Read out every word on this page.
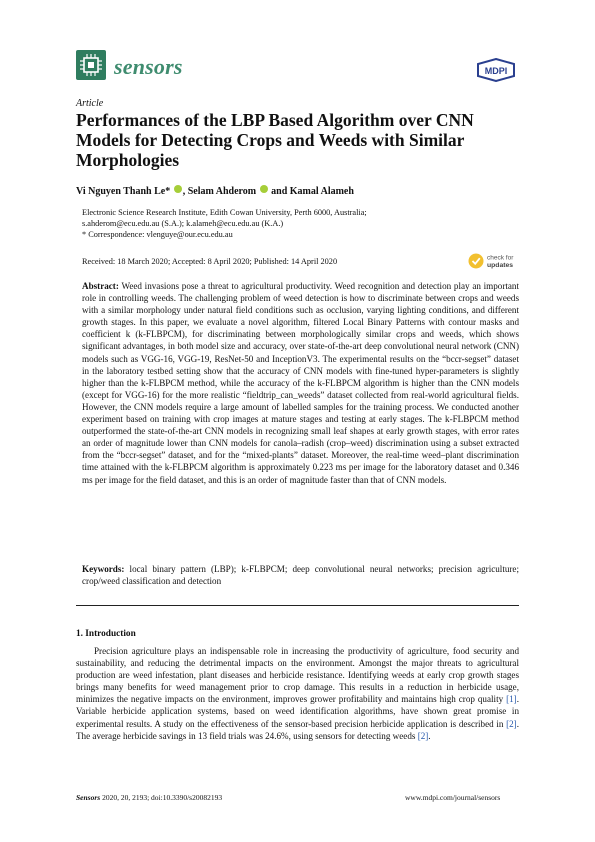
sensors	MDPI
Article
Performances of the LBP Based Algorithm over CNN Models for Detecting Crops and Weeds with Similar Morphologies
Vi Nguyen Thanh Le* , Selam Ahderom  and Kamal Alameh
Electronic Science Research Institute, Edith Cowan University, Perth 6000, Australia;
s.ahderom@ecu.edu.au (S.A.); k.alameh@ecu.edu.au (K.A.)
* Correspondence: vlenguye@our.ecu.edu.au
Received: 18 March 2020; Accepted: 8 April 2020; Published: 14 April 2020	check for
updates
Abstract: Weed invasions pose a threat to agricultural productivity. Weed recognition and detection play an important role in controlling weeds. The challenging problem of weed detection is how to discriminate between crops and weeds with a similar morphology under natural field conditions such as occlusion, varying lighting conditions, and different growth stages. In this paper, we evaluate a novel algorithm, filtered Local Binary Patterns with contour masks and coefficient k (k-FLBPCM), for discriminating between morphologically similar crops and weeds, which shows significant advantages, in both model size and accuracy, over state-of-the-art deep convolutional neural network (CNN) models such as VGG-16, VGG-19, ResNet-50 and InceptionV3. The experimental results on the “bccr-segset” dataset in the laboratory testbed setting show that the accuracy of CNN models with fine-tuned hyper-parameters is slightly higher than the k-FLBPCM method, while the accuracy of the k-FLBPCM algorithm is higher than the CNN models (except for VGG-16) for the more realistic “fieldtrip_can_weeds” dataset collected from real-world agricultural fields. However, the CNN models require a large amount of labelled samples for the training process. We conducted another experiment based on training with crop images at mature stages and testing at early stages. The k-FLBPCM method outperformed the state-of-the-art CNN models in recognizing small leaf shapes at early growth stages, with error rates an order of magnitude lower than CNN models for canola–radish (crop–weed) discrimination using a subset extracted from the “bccr-segset” dataset, and for the “mixed-plants” dataset. Moreover, the real-time weed–plant discrimination time attained with the k-FLBPCM algorithm is approximately 0.223 ms per image for the laboratory dataset and 0.346 ms per image for the field dataset, and this is an order of magnitude faster than that of CNN models.
Keywords: local binary pattern (LBP); k-FLBPCM; deep convolutional neural networks; precision agriculture; crop/weed classification and detection
1. Introduction
Precision agriculture plays an indispensable role in increasing the productivity of agriculture, food security and sustainability, and reducing the detrimental impacts on the environment. Amongst the major threats to agricultural production are weed infestation, plant diseases and herbicide resistance. Identifying weeds at early crop growth stages brings many benefits for weed management prior to crop damage. This results in a reduction in herbicide usage, minimizes the negative impacts on the environment, improves grower profitability and maintains high crop quality [1]. Variable herbicide application systems, based on weed identification algorithms, have shown great promise in experimental results. A study on the effectiveness of the sensor-based precision herbicide application is described in [2]. The average herbicide savings in 13 field trials was 24.6%, using sensors for detecting weeds [2].
Sensors 2020, 20, 2193; doi:10.3390/s20082193	www.mdpi.com/journal/sensors
